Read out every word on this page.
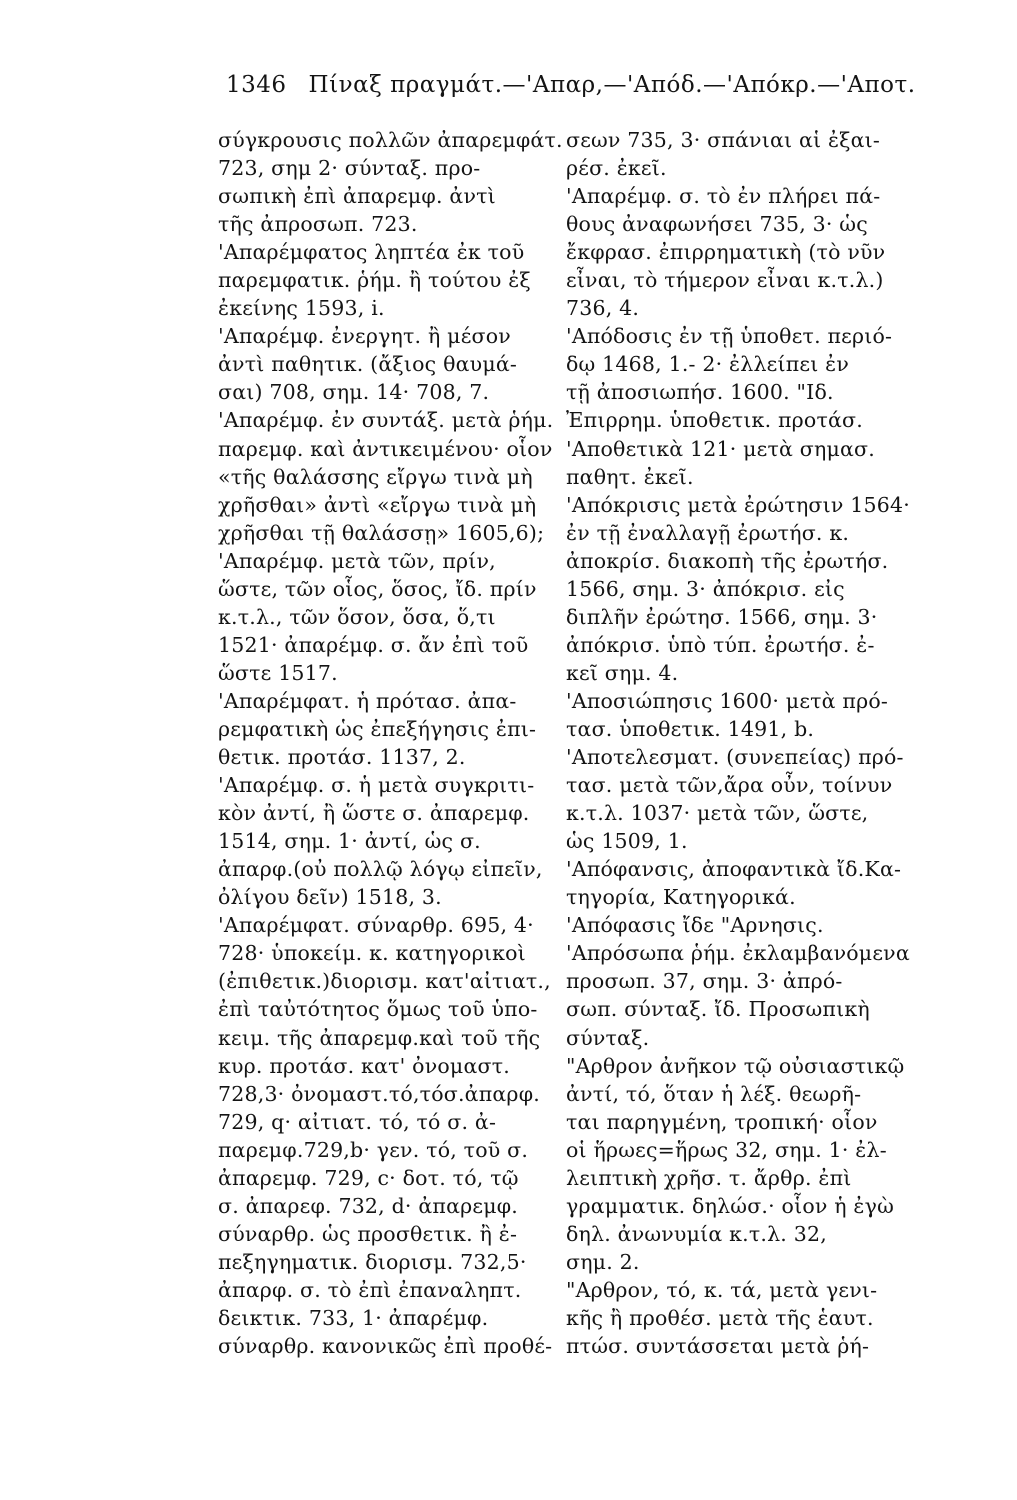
1346 Πίναξ πραγμάτ.—'Απαρ,—'Απόδ.—'Απόκρ.—'Αποτ.
σύγκρουσις πολλῶν ἀπαρεμφάτ.
723, σημ 2· σύνταξ. προ-
σωπικὴ ἐπὶ ἀπαρεμφ. ἀντὶ
τῆς ἀπροσωπ. 723.
'Απαρέμφατος ληπτέα ἐκ τοῦ
παρεμφατικ. ῥήμ. ἢ τούτου ἐξ
ἐκείνης 1593, i.
'Απαρέμφ. ἐνεργητ. ἢ μέσον
ἀντὶ παθητικ. (ἄξιος θαυμά-
σαι) 708, σημ. 14· 708, 7.
'Απαρέμφ. ἐν συντάξ. μετὰ ῥήμ.
παρεμφ. καὶ ἀντικειμένου· οἷον
«τῆς θαλάσσης εἴργω τινὰ μὴ
χρῆσθαι» ἀντὶ «εἴργω τινὰ μὴ
χρῆσθαι τῇ θαλάσσῃ» 1605,6);
'Απαρέμφ. μετὰ τῶν, πρίν,
ὥστε, τῶν οἷος, ὅσος, ἴδ. πρίν
κ.τ.λ., τῶν ὅσον, ὅσα, ὅ,τι
1521· ἀπαρέμφ. σ. ἄν ἐπὶ τοῦ
ὥστε 1517.
'Απαρέμφατ. ἡ πρότασ. ἀπα-
ρεμφατικὴ ὡς ἐπεξήγησις ἐπι-
θετικ. προτάσ. 1137, 2.
'Απαρέμφ. σ. ἡ μετὰ συγκριτι-
κὸν ἀντί, ἢ ὥστε σ. ἀπαρεμφ.
1514, σημ. 1· ἀντί, ὡς σ.
ἀπαρφ.(οὐ πολλῷ λόγῳ εἰπεῖν,
ὀλίγου δεῖν) 1518, 3.
'Απαρέμφατ. σύναρθρ. 695, 4·
728· ὑποκείμ. κ. κατηγορικοὶ
(ἐπιθετικ.)διορισμ. κατ'αἰτιατ.,
ἐπὶ ταὐτότητος ὅμως τοῦ ὑπο-
κειμ. τῆς ἀπαρεμφ.καὶ τοῦ τῆς
κυρ. προτάσ. κατ' ὀνομαστ.
728,3· ὀνομαστ.τό,τόσ.ἀπαρφ.
729, q· αἰτιατ. τό, τό σ. ἀ-
παρεμφ.729,b· γεν. τό, τοῦ σ.
ἀπαρεμφ. 729, c· δοτ. τό, τῷ
σ. ἀπαρεφ. 732, d· ἀπαρεμφ.
σύναρθρ. ὡς προσθετικ. ἢ ἐ-
πεξηγηματικ. διορισμ. 732,5·
ἀπαρφ. σ. τὸ ἐπὶ ἐπαναληπτ.
δεικτικ. 733, 1· ἀπαρέμφ.
σύναρθρ. κανονικῶς ἐπὶ προθέ-
σεων 735, 3· σπάνιαι αἱ ἐξαι-
ρέσ. ἐκεῖ.
'Απαρέμφ. σ. τὸ ἐν πλήρει πά-
θους ἀναφωνήσει 735, 3· ὡς
ἔκφρασ. ἐπιρρηματικὴ (τὸ νῦν
εἶναι, τὸ τήμερον εἶναι κ.τ.λ.)
736, 4.
'Απόδοσις ἐν τῇ ὑποθετ. περιό-
δῳ 1468, 1.- 2· ἐλλείπει ἐν
τῇ ἀποσιωπήσ. 1600. "Ιδ.
Ἐπιρρημ. ὑποθετικ. προτάσ.
'Αποθετικὰ 121· μετὰ σημασ.
παθητ. ἐκεῖ.
'Απόκρισις μετὰ ἐρώτησιν 1564·
ἐν τῇ ἐναλλαγῇ ἐρωτήσ. κ.
ἀποκρίσ. διακοπὴ τῆς ἐρωτήσ.
1566, σημ. 3· ἀπόκρισ. εἰς
διπλῆν ἐρώτησ. 1566, σημ. 3·
ἀπόκρισ. ὑπὸ τύπ. ἐρωτήσ. ἐ-
κεῖ σημ. 4.
'Αποσιώπησις 1600· μετὰ πρό-
τασ. ὑποθετικ. 1491, b.
'Αποτελεσματ. (συνεπείας) πρό-
τασ. μετὰ τῶν,ἄρα οὖν, τοίνυν
κ.τ.λ. 1037· μετὰ τῶν, ὥστε,
ὡς 1509, 1.
'Απόφανσις, ἀποφαντικὰ ἴδ.Κα-
τηγορία, Κατηγορικά.
'Απόφασις ἴδε "Αρνησις.
'Απρόσωπα ῥήμ. ἐκλαμβανόμενα
προσωπ. 37, σημ. 3· ἀπρό-
σωπ. σύνταξ. ἴδ. Προσωπικὴ
σύνταξ.
"Αρθρον ἀνῆκον τῷ οὐσιαστικῷ
ἀντί, τό, ὅταν ἡ λέξ. θεωρῆ-
ται παρηγμένη, τροπική· οἷον
οἱ ἥρωες=ἥρως 32, σημ. 1· ἐλ-
λειπτικὴ χρῆσ. τ. ἄρθρ. ἐπὶ
γραμματικ. δηλώσ.· οἷον ἡ ἐγὼ
δηλ. ἀνωνυμία κ.τ.λ. 32,
σημ. 2.
"Αρθρον, τό, κ. τά, μετὰ γενι-
κῆς ἢ προθέσ. μετὰ τῆς ἑαυτ.
πτώσ. συντάσσεται μετὰ ῥή-
